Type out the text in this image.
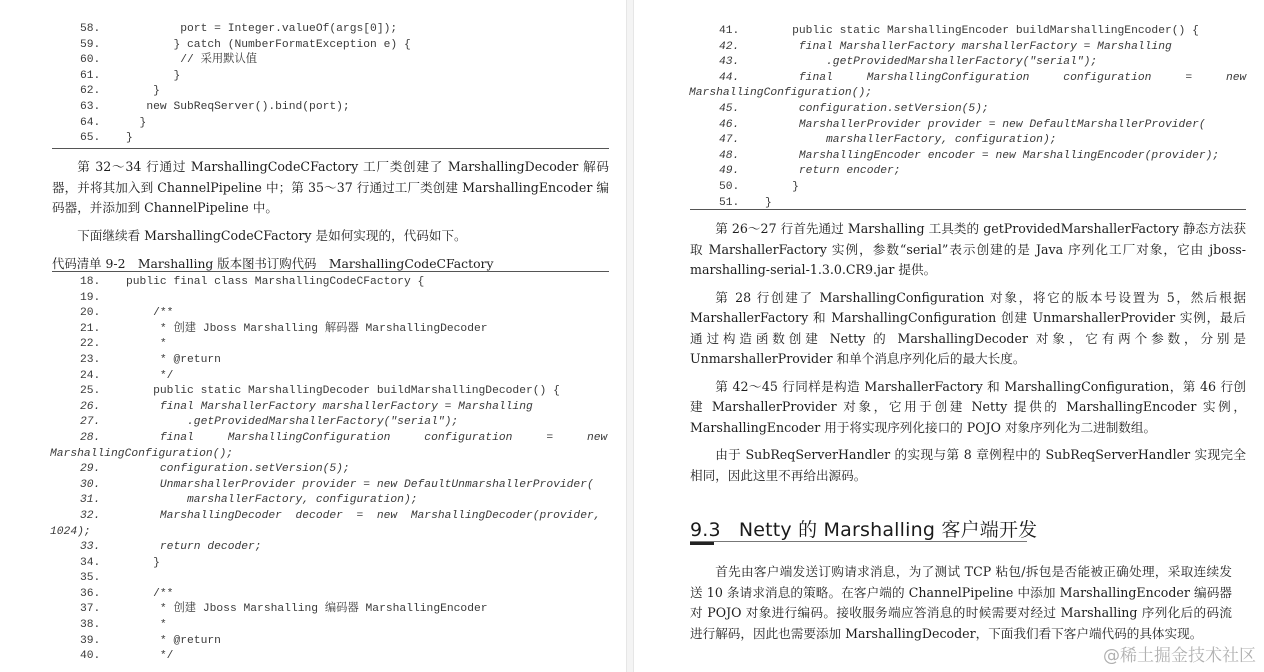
58.        port = Integer.valueOf(args[0]);
59.       } catch (NumberFormatException e) {
60.        // 采用默认值
61.       }
62.    }
63.   new SubReqServer().bind(port);
64.  }
65. }

第 32～34 行通过 MarshallingCodeCFactory 工厂类创建了 MarshallingDecoder 解码器，并将其加入到 ChannelPipeline 中；第 35～37 行通过工厂类创建 MarshallingEncoder 编码器，并添加到 ChannelPipeline 中。

下面继续看 MarshallingCodeCFactory 是如何实现的，代码如下。

代码清单 9-2　Marshalling 版本图书订购代码　MarshallingCodeCFactory
18. public final class MarshallingCodeCFactory {
19.
20.    /**
21.     * 创建 Jboss Marshalling 解码器 MarshallingDecoder
22.     *
23.     * @return
24.     */
25.    public static MarshallingDecoder buildMarshallingDecoder() {
26.     final MarshallerFactory marshallerFactory = Marshalling
27.         .getProvidedMarshallerFactory("serial");
28.     final     MarshallingConfiguration     configuration     =     new
MarshallingConfiguration();
29.     configuration.setVersion(5);
30.     UnmarshallerProvider provider = new DefaultUnmarshallerProvider(
31.         marshallerFactory, configuration);
32.     MarshallingDecoder  decoder  =  new  MarshallingDecoder(provider,
1024);
33.     return decoder;
34.    }
35.
36.    /**
37.     * 创建 Jboss Marshalling 编码器 MarshallingEncoder
38.     *
39.     * @return
40.     */
41.    public static MarshallingEncoder buildMarshallingEncoder() {
42.     final MarshallerFactory marshallerFactory = Marshalling
43.         .getProvidedMarshallerFactory("serial");
44.     final     MarshallingConfiguration     configuration     =     new
MarshallingConfiguration();
45.     configuration.setVersion(5);
46.     MarshallerProvider provider = new DefaultMarshallerProvider(
47.         marshallerFactory, configuration);
48.     MarshallingEncoder encoder = new MarshallingEncoder(provider);
49.     return encoder;
50.    }
51. }

第 26～27 行首先通过 Marshalling 工具类的 getProvidedMarshallerFactory 静态方法获取 MarshallerFactory 实例，参数“serial”表示创建的是 Java 序列化工厂对象，它由 jboss-marshalling-serial-1.3.0.CR9.jar 提供。

第 28 行创建了 MarshallingConfiguration 对象，将它的版本号设置为 5，然后根据 MarshallerFactory 和 MarshallingConfiguration 创建 UnmarshallerProvider 实例，最后通过构造函数创建 Netty 的 MarshallingDecoder 对象，它有两个参数，分别是 UnmarshallerProvider 和单个消息序列化后的最大长度。

第 42～45 行同样是构造 MarshallerFactory 和 MarshallingConfiguration，第 46 行创建 MarshallerProvider 对象，它用于创建 Netty 提供的 MarshallingEncoder 实例，MarshallingEncoder 用于将实现序列化接口的 POJO 对象序列化为二进制数组。

由于 SubReqServerHandler 的实现与第 8 章例程中的 SubReqServerHandler 实现完全相同，因此这里不再给出源码。

9.3 Netty 的 Marshalling 客户端开发

首先由客户端发送订购请求消息，为了测试 TCP 粘包/拆包是否能被正确处理，采取连续发送 10 条请求消息的策略。在客户端的 ChannelPipeline 中添加 MarshallingEncoder 编码器对 POJO 对象进行编码。接收服务端应答消息的时候需要对经过 Marshalling 序列化后的码流进行解码，因此也需要添加 MarshallingDecoder，下面我们看下客户端代码的具体实现。

@稀土掘金技术社区
